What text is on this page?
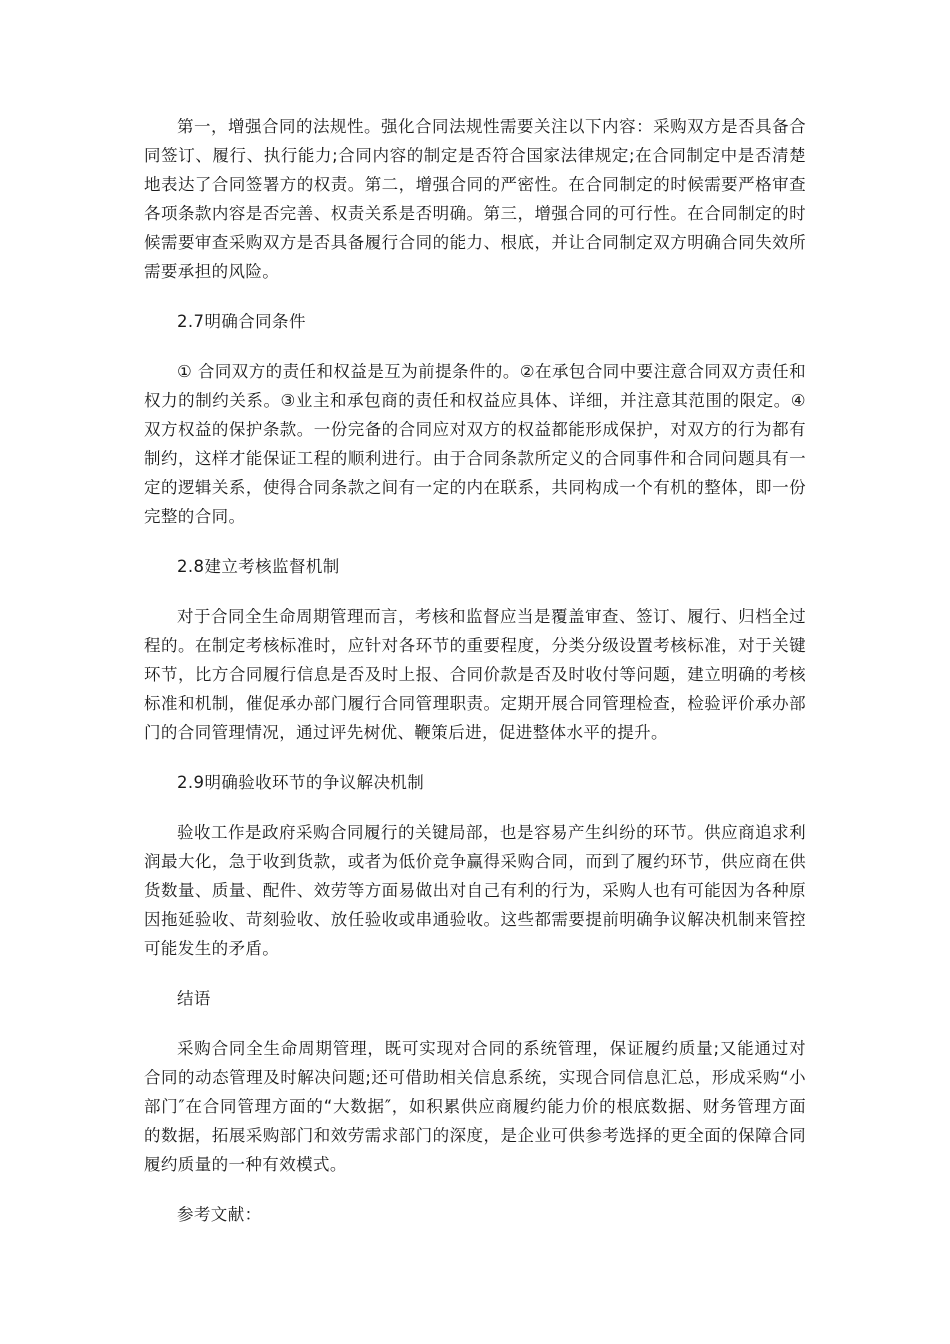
第一，增强合同的法规性。强化合同法规性需要关注以下内容：采购双方是否具备合同签订、履行、执行能力;合同内容的制定是否符合国家法律规定;在合同制定中是否清楚地表达了合同签署方的权责。第二，增强合同的严密性。在合同制定的时候需要严格审查各项条款内容是否完善、权责关系是否明确。第三，增强合同的可行性。在合同制定的时候需要审查采购双方是否具备履行合同的能力、根底，并让合同制定双方明确合同失效所需要承担的风险。

2.7明确合同条件

① 合同双方的责任和权益是互为前提条件的。②在承包合同中要注意合同双方责任和权力的制约关系。③业主和承包商的责任和权益应具体、详细，并注意其范围的限定。④双方权益的保护条款。一份完备的合同应对双方的权益都能形成保护，对双方的行为都有制约，这样才能保证工程的顺利进行。由于合同条款所定义的合同事件和合同问题具有一定的逻辑关系，使得合同条款之间有一定的内在联系，共同构成一个有机的整体，即一份完整的合同。

2.8建立考核监督机制

对于合同全生命周期管理而言，考核和监督应当是覆盖审查、签订、履行、归档全过程的。在制定考核标准时，应针对各环节的重要程度，分类分级设置考核标准，对于关键环节，比方合同履行信息是否及时上报、合同价款是否及时收付等问题，建立明确的考核标准和机制，催促承办部门履行合同管理职责。定期开展合同管理检查，检验评价承办部门的合同管理情况，通过评先树优、鞭策后进，促进整体水平的提升。

2.9明确验收环节的争议解决机制

验收工作是政府采购合同履行的关键局部，也是容易产生纠纷的环节。供应商追求利润最大化，急于收到货款，或者为低价竞争赢得采购合同，而到了履约环节，供应商在供货数量、质量、配件、效劳等方面易做出对自己有利的行为，采购人也有可能因为各种原因拖延验收、苛刻验收、放任验收或串通验收。这些都需要提前明确争议解决机制来管控可能发生的矛盾。

结语

采购合同全生命周期管理，既可实现对合同的系统管理，保证履约质量;又能通过对合同的动态管理及时解决问题;还可借助相关信息系统，实现合同信息汇总，形成采购“小部门″在合同管理方面的“大数据″，如积累供应商履约能力价的根底数据、财务管理方面的数据，拓展采购部门和效劳需求部门的深度，是企业可供参考选择的更全面的保障合同履约质量的一种有效模式。

参考文献：
